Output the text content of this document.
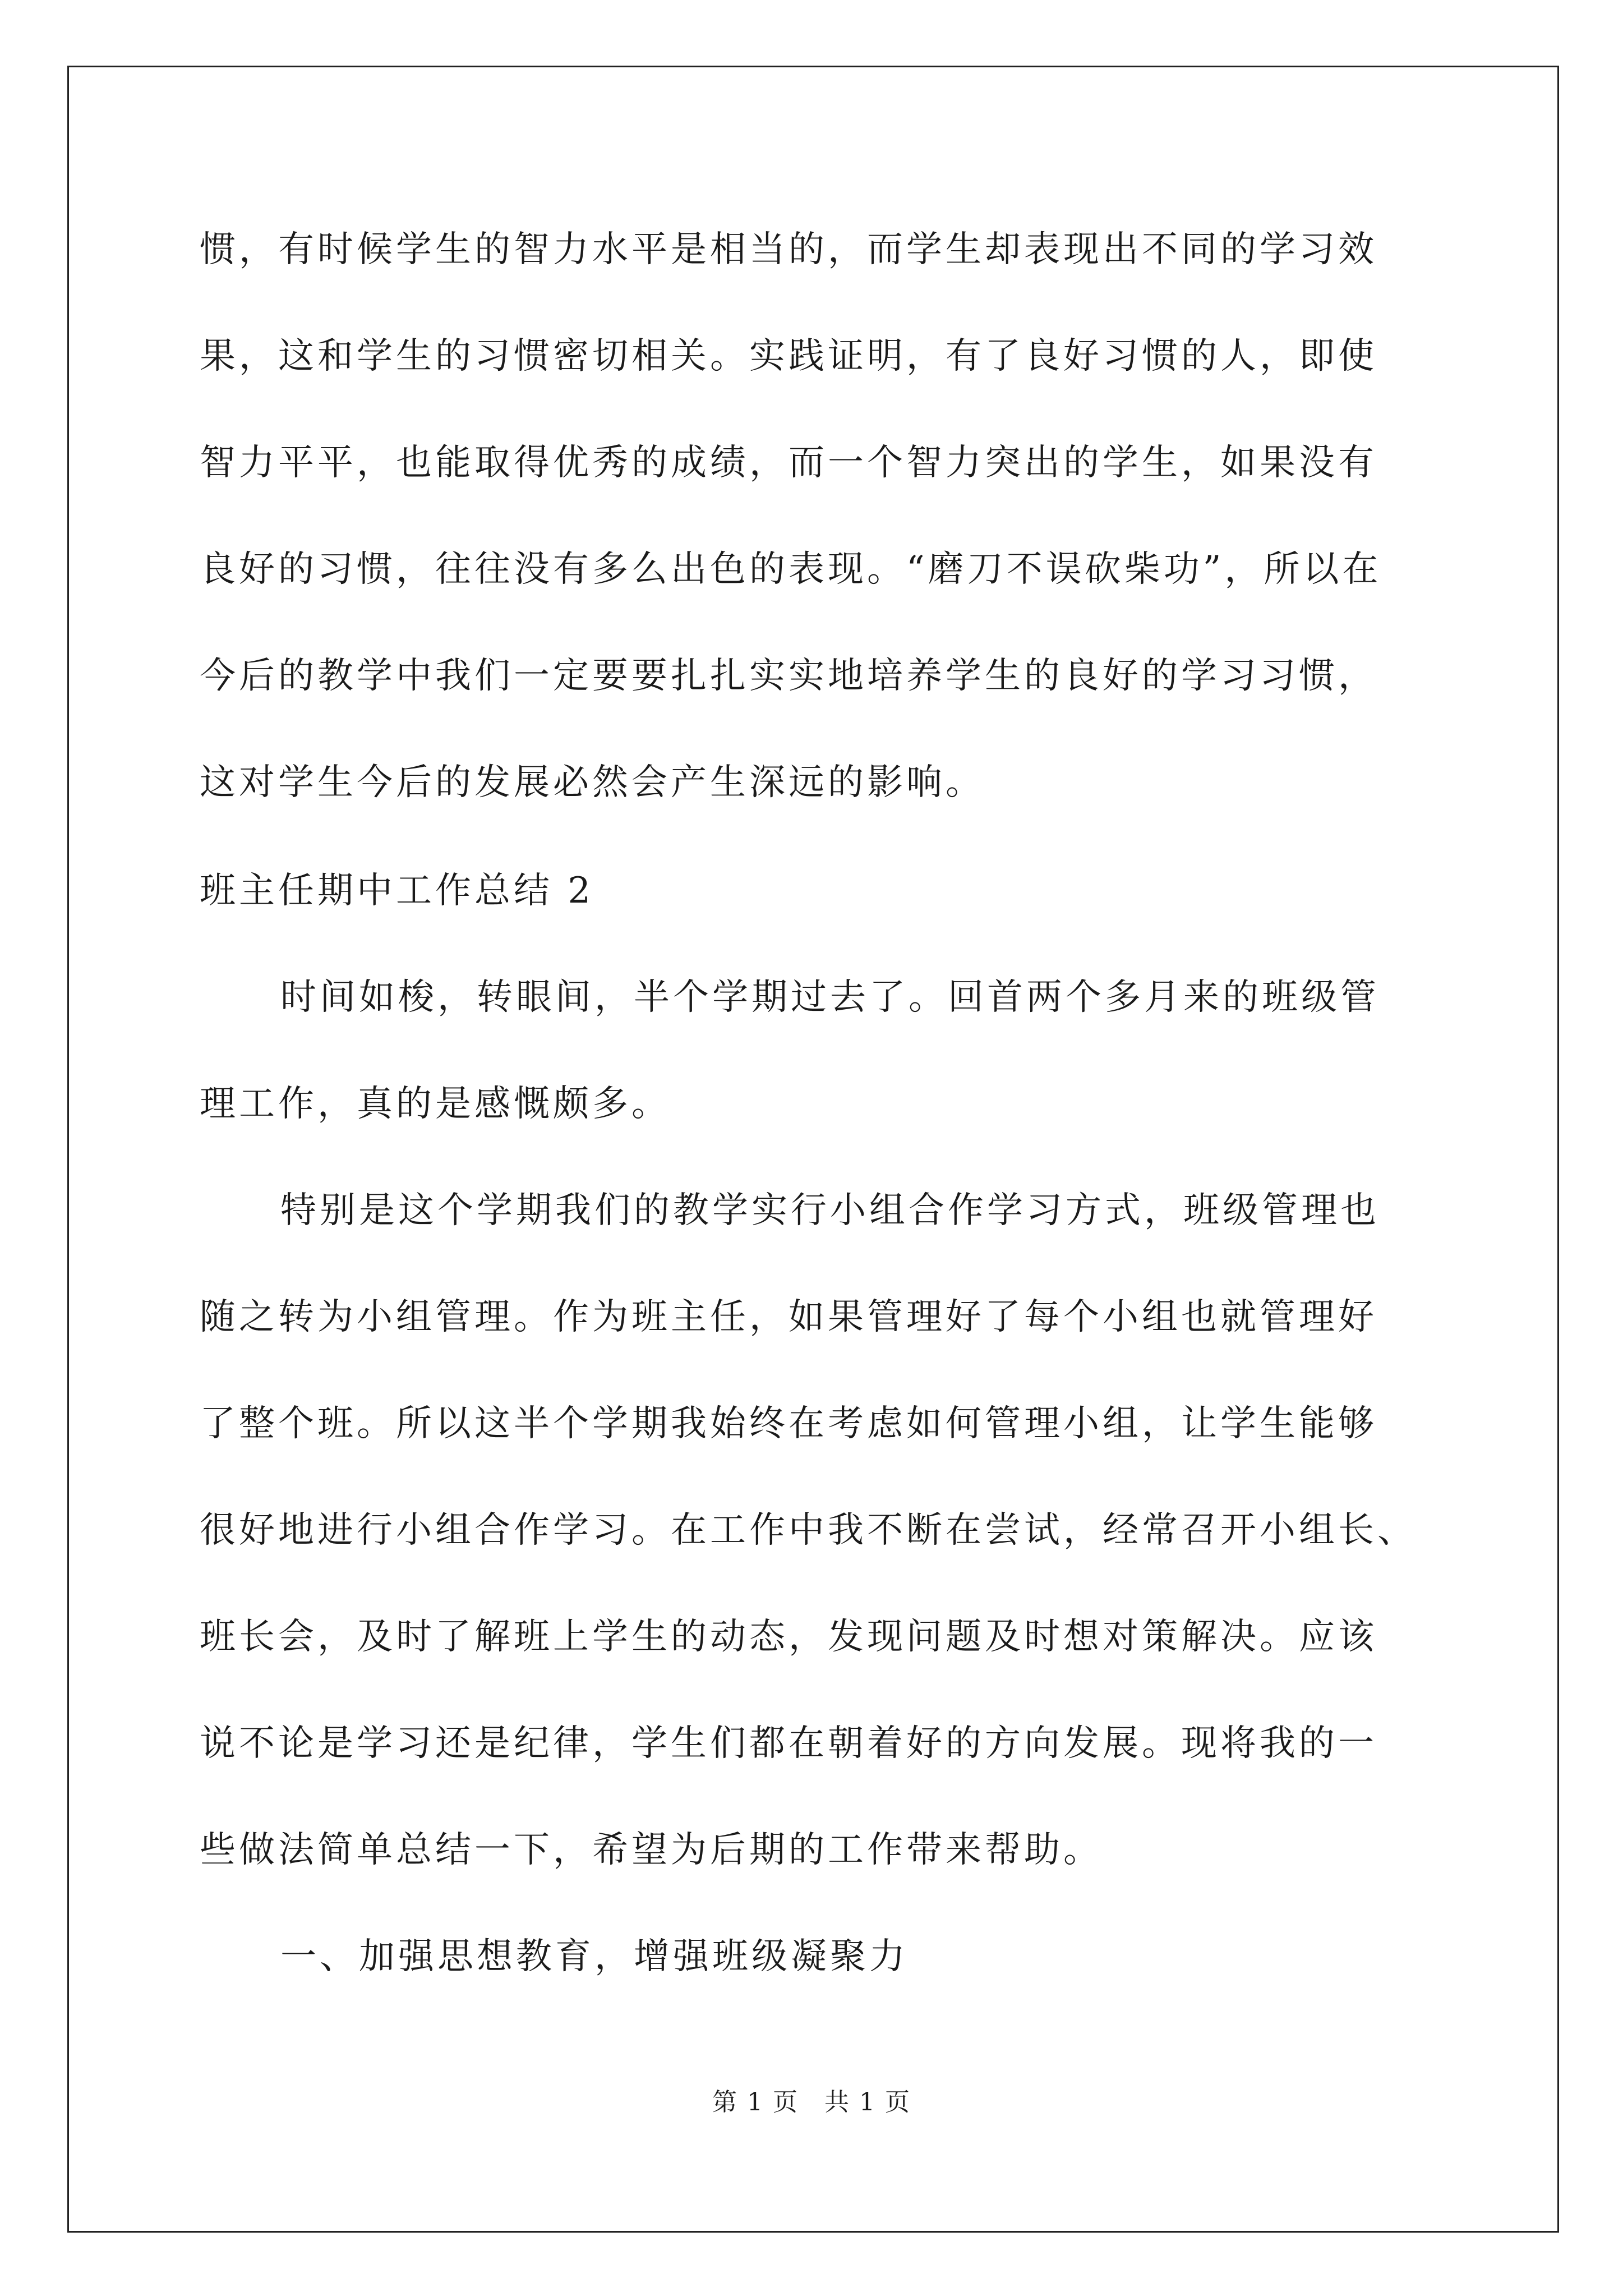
惯，有时候学生的智力水平是相当的，而学生却表现出不同的学习效
果，这和学生的习惯密切相关。实践证明，有了良好习惯的人，即使
智力平平，也能取得优秀的成绩，而一个智力突出的学生，如果没有
良好的习惯，往往没有多么出色的表现。“磨刀不误砍柴功”，所以在
今后的教学中我们一定要要扎扎实实地培养学生的良好的学习习惯，
这对学生今后的发展必然会产生深远的影响。
班主任期中工作总结 2
时间如梭，转眼间，半个学期过去了。回首两个多月来的班级管
理工作，真的是感慨颇多。
特别是这个学期我们的教学实行小组合作学习方式，班级管理也
随之转为小组管理。作为班主任，如果管理好了每个小组也就管理好
了整个班。所以这半个学期我始终在考虑如何管理小组，让学生能够
很好地进行小组合作学习。在工作中我不断在尝试，经常召开小组长、
班长会，及时了解班上学生的动态，发现问题及时想对策解决。应该
说不论是学习还是纪律，学生们都在朝着好的方向发展。现将我的一
些做法简单总结一下，希望为后期的工作带来帮助。
一、加强思想教育，增强班级凝聚力
第 1 页　共 1 页
